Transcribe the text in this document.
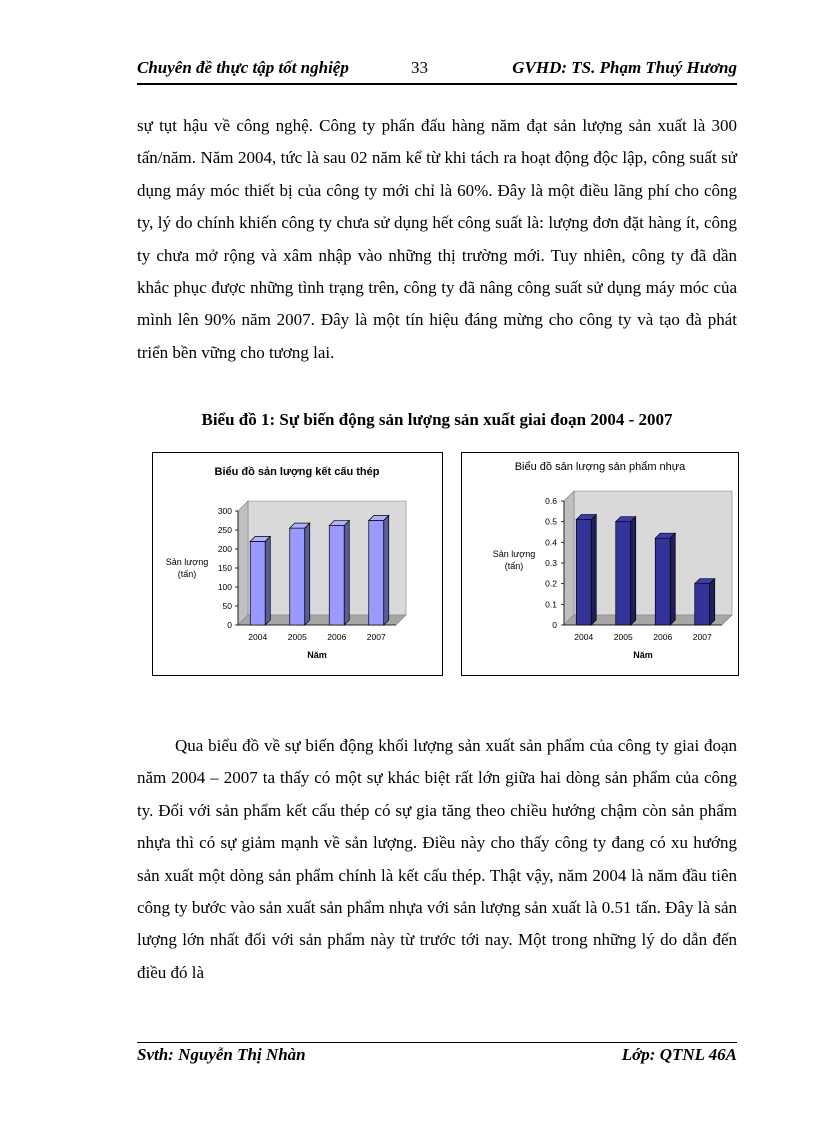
Chuyên đề thực tập tốt nghiệp	33	GVHD: TS. Phạm Thuý Hương

sự tụt hậu về công nghệ. Công ty phấn đấu hàng năm đạt sản lượng sản xuất là 300 tấn/năm. Năm 2004, tức là sau 02 năm kể từ khi tách ra hoạt động độc lập, công suất sử dụng máy móc thiết bị của công ty mới chỉ là 60%. Đây là một điều lãng phí cho công ty, lý do chính khiến công ty chưa sử dụng hết công suất là: lượng đơn đặt hàng ít, công ty chưa mở rộng và xâm nhập vào những thị trường mới. Tuy nhiên, công ty đã dần khắc phục được những tình trạng trên, công ty đã nâng công suất sử dụng máy móc của mình lên 90% năm 2007. Đây là một tín hiệu đáng mừng cho công ty và tạo đà phát triển bền vững cho tương lai.

Biểu đồ 1: Sự biến động sản lượng sản xuất giai đoạn 2004 - 2007
Biểu đồ sản lượng kết cấu thép
Sản lượng
(tấn)
Năm
0
50
100
150
200
250
300
2004 2005 2006 2007
Biểu đồ sản lượng sản phẩm nhựa
Sản lượng
(tấn)
Năm
0
0.1
0.2
0.3
0.4
0.5
0.6
2004 2005 2006 2007

Qua biểu đồ về sự biến động khối lượng sản xuất sản phẩm của công ty giai đoạn năm 2004 – 2007 ta thấy có một sự khác biệt rất lớn giữa hai dòng sản phẩm của công ty. Đối với sản phẩm kết cấu thép có sự gia tăng theo chiều hướng chậm còn sản phẩm nhựa thì có sự giảm mạnh về sản lượng. Điều này cho thấy công ty đang có xu hướng sản xuất một dòng sản phẩm chính là kết cấu thép. Thật vậy, năm 2004 là năm đầu tiên công ty bước vào sản xuất sản phẩm nhựa với sản lượng sản xuất là 0.51 tấn. Đây là sản lượng lớn nhất đối với sản phẩm này từ trước tới nay. Một trong những lý do dẫn đến điều đó là

Svth: Nguyễn Thị Nhàn	Lớp: QTNL 46A
